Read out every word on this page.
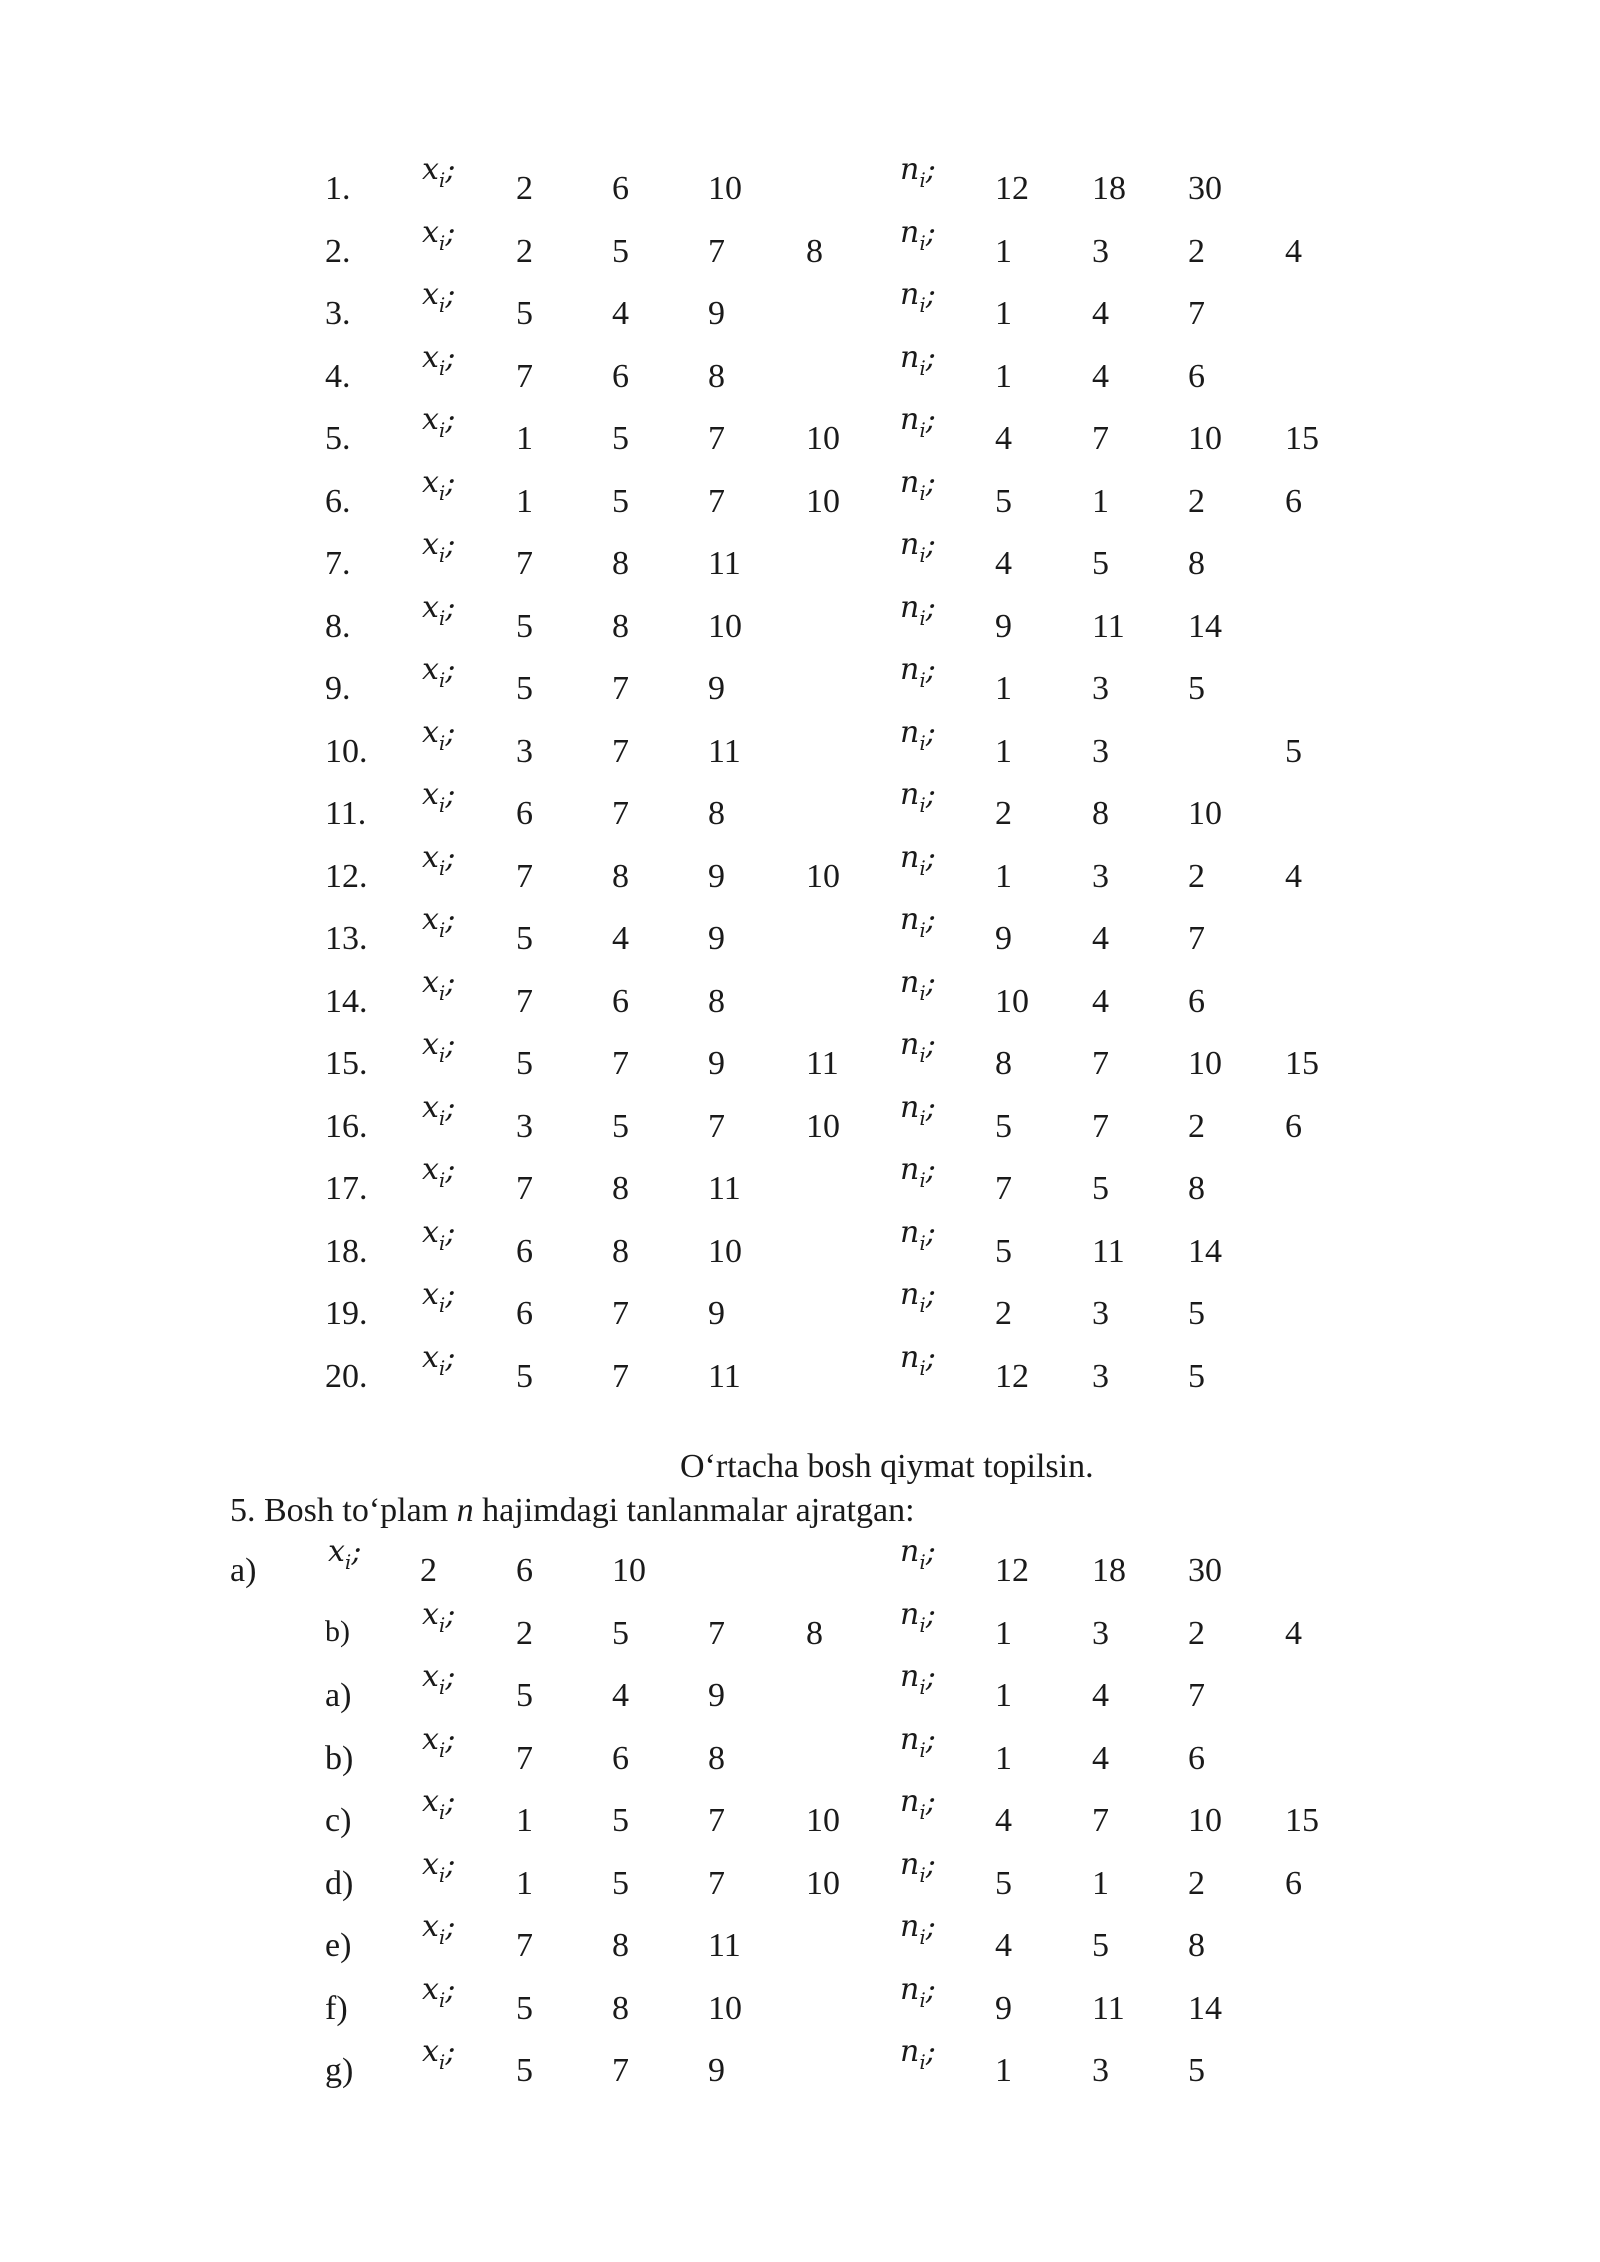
1.
$x_i$;
2 6 10
$n_i$;
12 18 30
2.
$x_i$;
2 5 7 8
$n_i$;
1 3 2 4
3.
$x_i$;
5 4 9
$n_i$;
1 4 7
4.
$x_i$;
7 6 8
$n_i$;
1 4 6
5.
$x_i$;
1 5 7 10
$n_i$;
4 7 10 15
6.
$x_i$;
1 5 7 10
$n_i$;
5 1 2 6
7.
$x_i$;
7 8 11
$n_i$;
4 5 8
8.
$x_i$;
5 8 10
$n_i$;
9 11 14
9.
$x_i$;
5 7 9
$n_i$;
1 3 5
10.
$x_i$;
3 7 11
$n_i$;
1 3	5
11.
$x_i$;
6 7 8
$n_i$;
2 8 10
12.
$x_i$;
7 8 9 10
$n_i$;
1 3 2 4
13.
$x_i$;
5 4 9
$n_i$;
9 4 7
14.
$x_i$;
7 6 8
$n_i$;
10 4 6
15.
$x_i$;
5 7 9 11
$n_i$;
8 7 10 15
16.
$x_i$;
3 5 7 10
$n_i$;
5 7 2 6
17.
$x_i$;
7 8 11
$n_i$;
7 5 8
18.
$x_i$;
6 8 10
$n_i$;
5 11 14
19.
$x_i$;
6 7 9
$n_i$;
2 3 5
20.
$x_i$;
5 7 11
$n_i$;
12 3 5
O‘rtacha bosh qiymat topilsin.
5. Bosh to‘plam n hajimdagi tanlanmalar ajratgan:
a)
$x_i$;
2 6 10
$n_i$;
12 18 30
b) $x_i$;
2 5 7 8
$n_i$;
1 3 2 4
a)
$x_i$;
5 4 9
$n_i$;
1 4 7
b)
$x_i$;
7 6 8
$n_i$;
1 4 6
c)
$x_i$;
1 5 7 10
$n_i$;
4 7 10 15
d)
$x_i$;
1 5 7 10
$n_i$;
5 1 2 6
e)
$x_i$;
7 8 11
$n_i$;
4 5 8
f)
$x_i$;
5 8 10
$n_i$;
9 11 14
g)
$x_i$;
5 7 9
$n_i$;
1 3 5
